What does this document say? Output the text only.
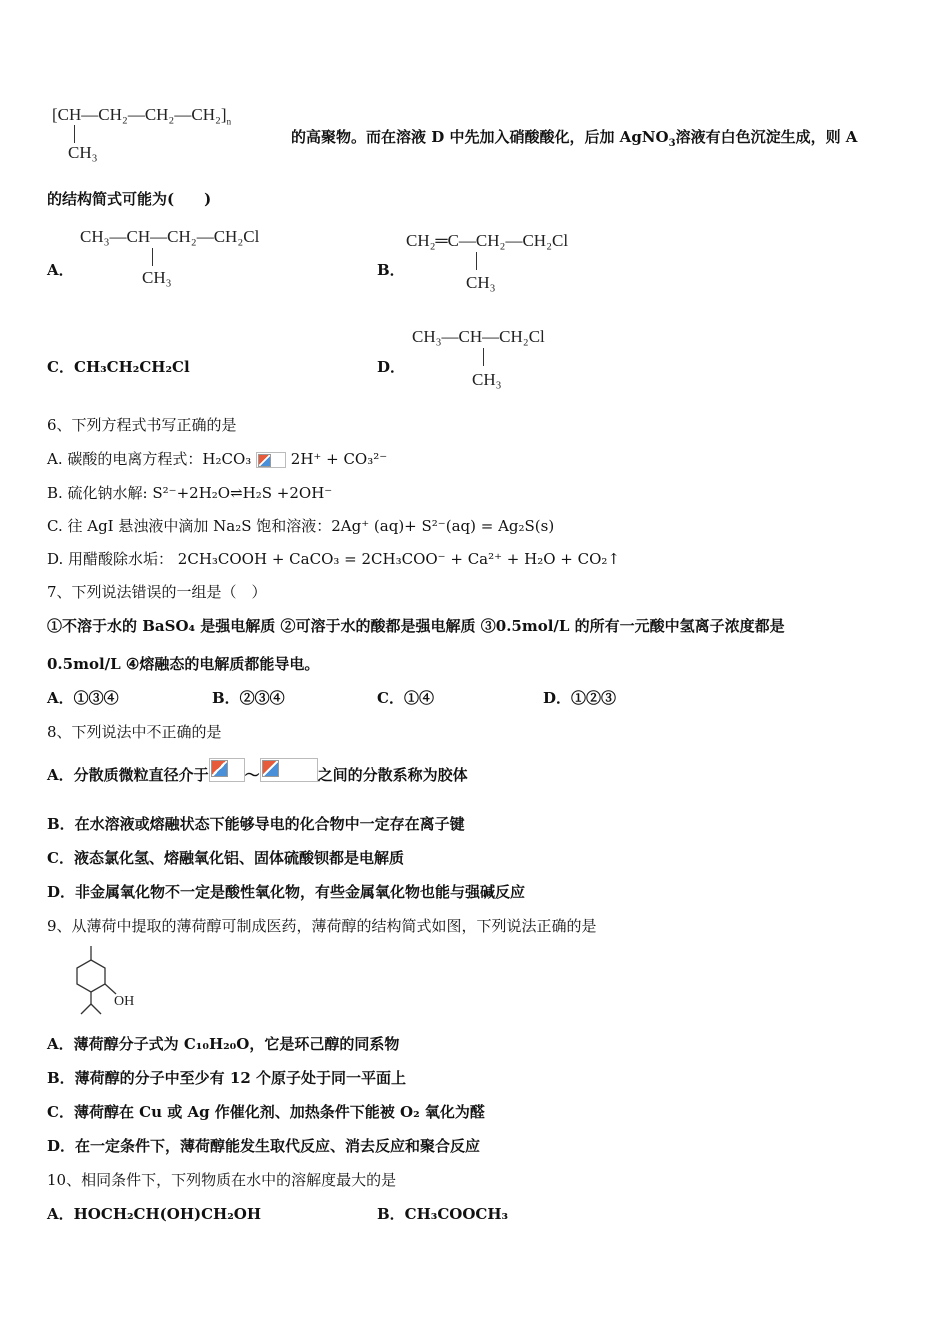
$[CH—CH_2—CH_2—CH_2]_n$
CH₃
的高聚物。而在溶液 D 中先加入硝酸酸化，后加 AgNO$_3$溶液有白色沉淀生成，则 A
的结构简式可能为(　　)
A．
CH₃—CH—CH₂—CH₂Cl
CH₃	B．
CH₂═C—CH₂—CH₂Cl
CH₃
C． CH₃CH₂CH₂Cl	D．
CH₃—CH—CH₂Cl
CH₃
6、下列方程式书写正确的是
A. 碳酸的电离方程式：H₂CO₃
2H⁺ + CO₃²⁻
B. 硫化钠水解: S²⁻+2H₂O⇌H₂S +2OH⁻
C. 往 AgI 悬浊液中滴加 Na₂S 饱和溶液：2Ag⁺ (aq)+ S²⁻(aq) = Ag₂S(s)
D. 用醋酸除水垢： 2CH₃COOH + CaCO₃ = 2CH₃COO⁻ + Ca²⁺ + H₂O + CO₂↑
7、下列说法错误的一组是（　）
①不溶于水的 BaSO₄ 是强电解质 ②可溶于水的酸都是强电解质 ③0.5mol/L 的所有一元酸中氢离子浓度都是
0.5mol/L ④熔融态的电解质都能导电。
A．①③④	B．②③④	C．①④	D．①②③
8、下列说法中不正确的是
A．分散质微粒直径介于 ～	之间的分散系称为胶体
B．在水溶液或熔融状态下能够导电的化合物中一定存在离子键
C．液态氯化氢、熔融氧化铝、固体硫酸钡都是电解质
D．非金属氧化物不一定是酸性氧化物，有些金属氧化物也能与强碱反应
9、从薄荷中提取的薄荷醇可制成医药，薄荷醇的结构简式如图，下列说法正确的是
OH
A．薄荷醇分子式为 C₁₀H₂₀O，它是环己醇的同系物
B．薄荷醇的分子中至少有 12 个原子处于同一平面上
C．薄荷醇在 Cu 或 Ag 作催化剂、加热条件下能被 O₂ 氧化为醛
D．在一定条件下，薄荷醇能发生取代反应、消去反应和聚合反应
10、相同条件下，下列物质在水中的溶解度最大的是
A．HOCH₂CH(OH)CH₂OH	B．CH₃COOCH₃
